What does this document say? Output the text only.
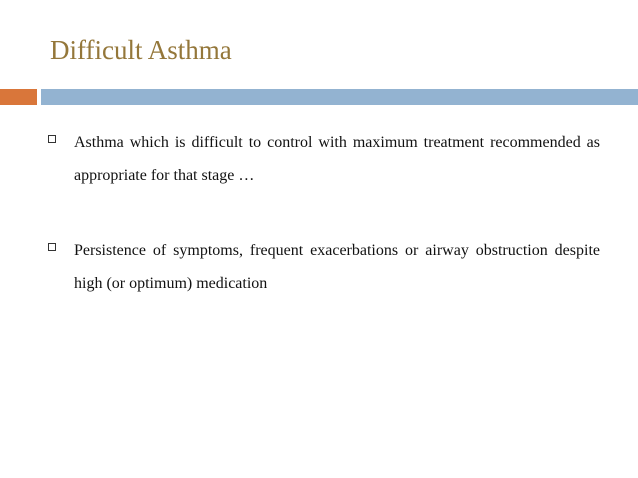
Difficult Asthma
Asthma which is difficult to control with maximum treatment recommended as appropriate for that stage …
Persistence of symptoms, frequent exacerbations or airway obstruction despite high (or optimum) medication
